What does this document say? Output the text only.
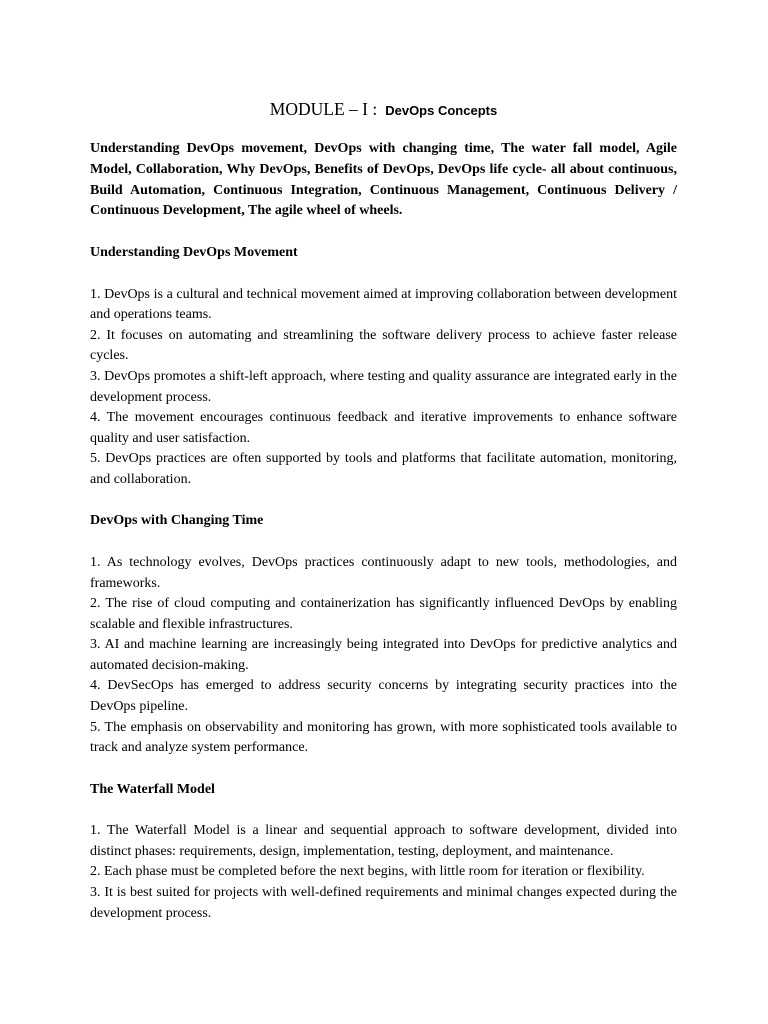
MODULE – I : DevOps Concepts

Understanding DevOps movement, DevOps with changing time, The water fall model, Agile Model, Collaboration, Why DevOps, Benefits of DevOps, DevOps life cycle- all about continuous, Build Automation, Continuous Integration, Continuous Management, Continuous Delivery / Continuous Development, The agile wheel of wheels.

Understanding DevOps Movement
1. DevOps is a cultural and technical movement aimed at improving collaboration between development and operations teams.
2. It focuses on automating and streamlining the software delivery process to achieve faster release cycles.
3. DevOps promotes a shift-left approach, where testing and quality assurance are integrated early in the development process.
4. The movement encourages continuous feedback and iterative improvements to enhance software quality and user satisfaction.
5. DevOps practices are often supported by tools and platforms that facilitate automation, monitoring, and collaboration.
DevOps with Changing Time
1. As technology evolves, DevOps practices continuously adapt to new tools, methodologies, and frameworks.
2. The rise of cloud computing and containerization has significantly influenced DevOps by enabling scalable and flexible infrastructures.
3. AI and machine learning are increasingly being integrated into DevOps for predictive analytics and automated decision-making.
4. DevSecOps has emerged to address security concerns by integrating security practices into the DevOps pipeline.
5. The emphasis on observability and monitoring has grown, with more sophisticated tools available to track and analyze system performance.
The Waterfall Model
1. The Waterfall Model is a linear and sequential approach to software development, divided into distinct phases: requirements, design, implementation, testing, deployment, and maintenance.
2. Each phase must be completed before the next begins, with little room for iteration or flexibility.
3. It is best suited for projects with well-defined requirements and minimal changes expected during the development process.
